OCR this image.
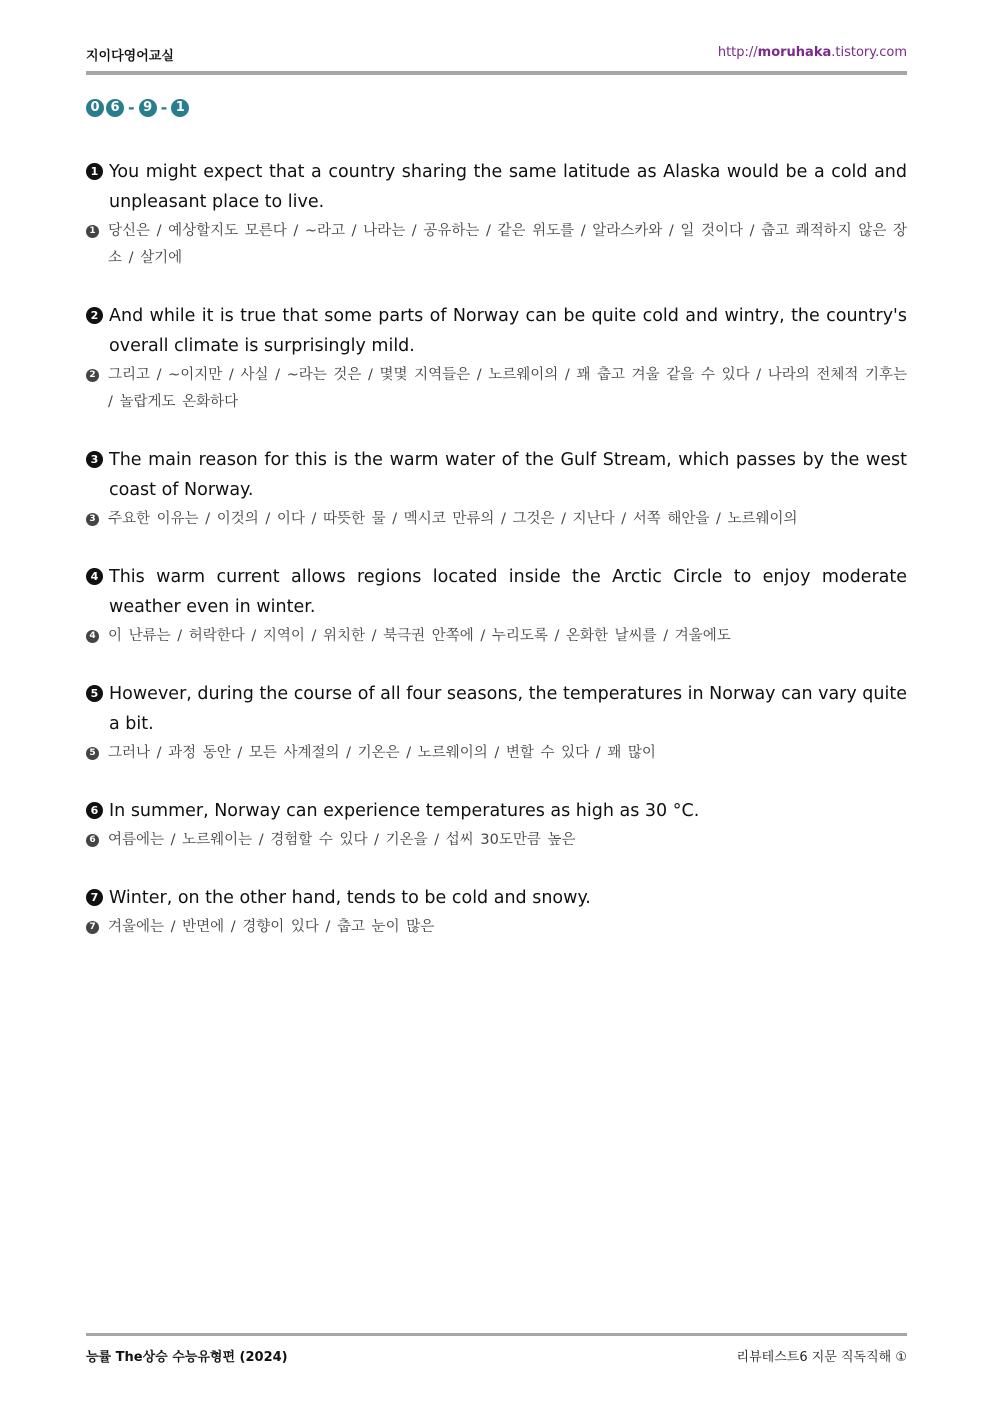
지이다영어교실	http://moruhaka.tistory.com
0 6 - 9 - 1
1 You might expect that a country sharing the same latitude as Alaska would be a cold and unpleasant place to live.
1 당신은 / 예상할지도 모른다 / ~라고 / 나라는 / 공유하는 / 같은 위도를 / 알라스카와 / 일 것이다 / 춥고 쾌적하지 않은 장소 / 살기에
2 And while it is true that some parts of Norway can be quite cold and wintry, the country's overall climate is surprisingly mild.
2 그리고 / ~이지만 / 사실 / ~라는 것은 / 몇몇 지역들은 / 노르웨이의 / 꽤 춥고 겨울 같을 수 있다 / 나라의 전체적 기후는 / 놀랍게도 온화하다
3 The main reason for this is the warm water of the Gulf Stream, which passes by the west coast of Norway.
3 주요한 이유는 / 이것의 / 이다 / 따뜻한 물 / 멕시코 만류의 / 그것은 / 지난다 / 서쪽 해안을 / 노르웨이의
4 This warm current allows regions located inside the Arctic Circle to enjoy moderate weather even in winter.
4 이 난류는 / 허락한다 / 지역이 / 위치한 / 북극권 안쪽에 / 누리도록 / 온화한 날씨를 / 겨울에도
5 However, during the course of all four seasons, the temperatures in Norway can vary quite a bit.
5 그러나 / 과정 동안 / 모든 사계절의 / 기온은 / 노르웨이의 / 변할 수 있다 / 꽤 많이
6 In summer, Norway can experience temperatures as high as 30 °C.
6 여름에는 / 노르웨이는 / 경험할 수 있다 / 기온을 / 섭씨 30도만큼 높은
7 Winter, on the other hand, tends to be cold and snowy.
7 겨울에는 / 반면에 / 경향이 있다 / 춥고 눈이 많은
능률 The상승 수능유형편 (2024)	리뷰테스트6 지문 직독직해 ①
